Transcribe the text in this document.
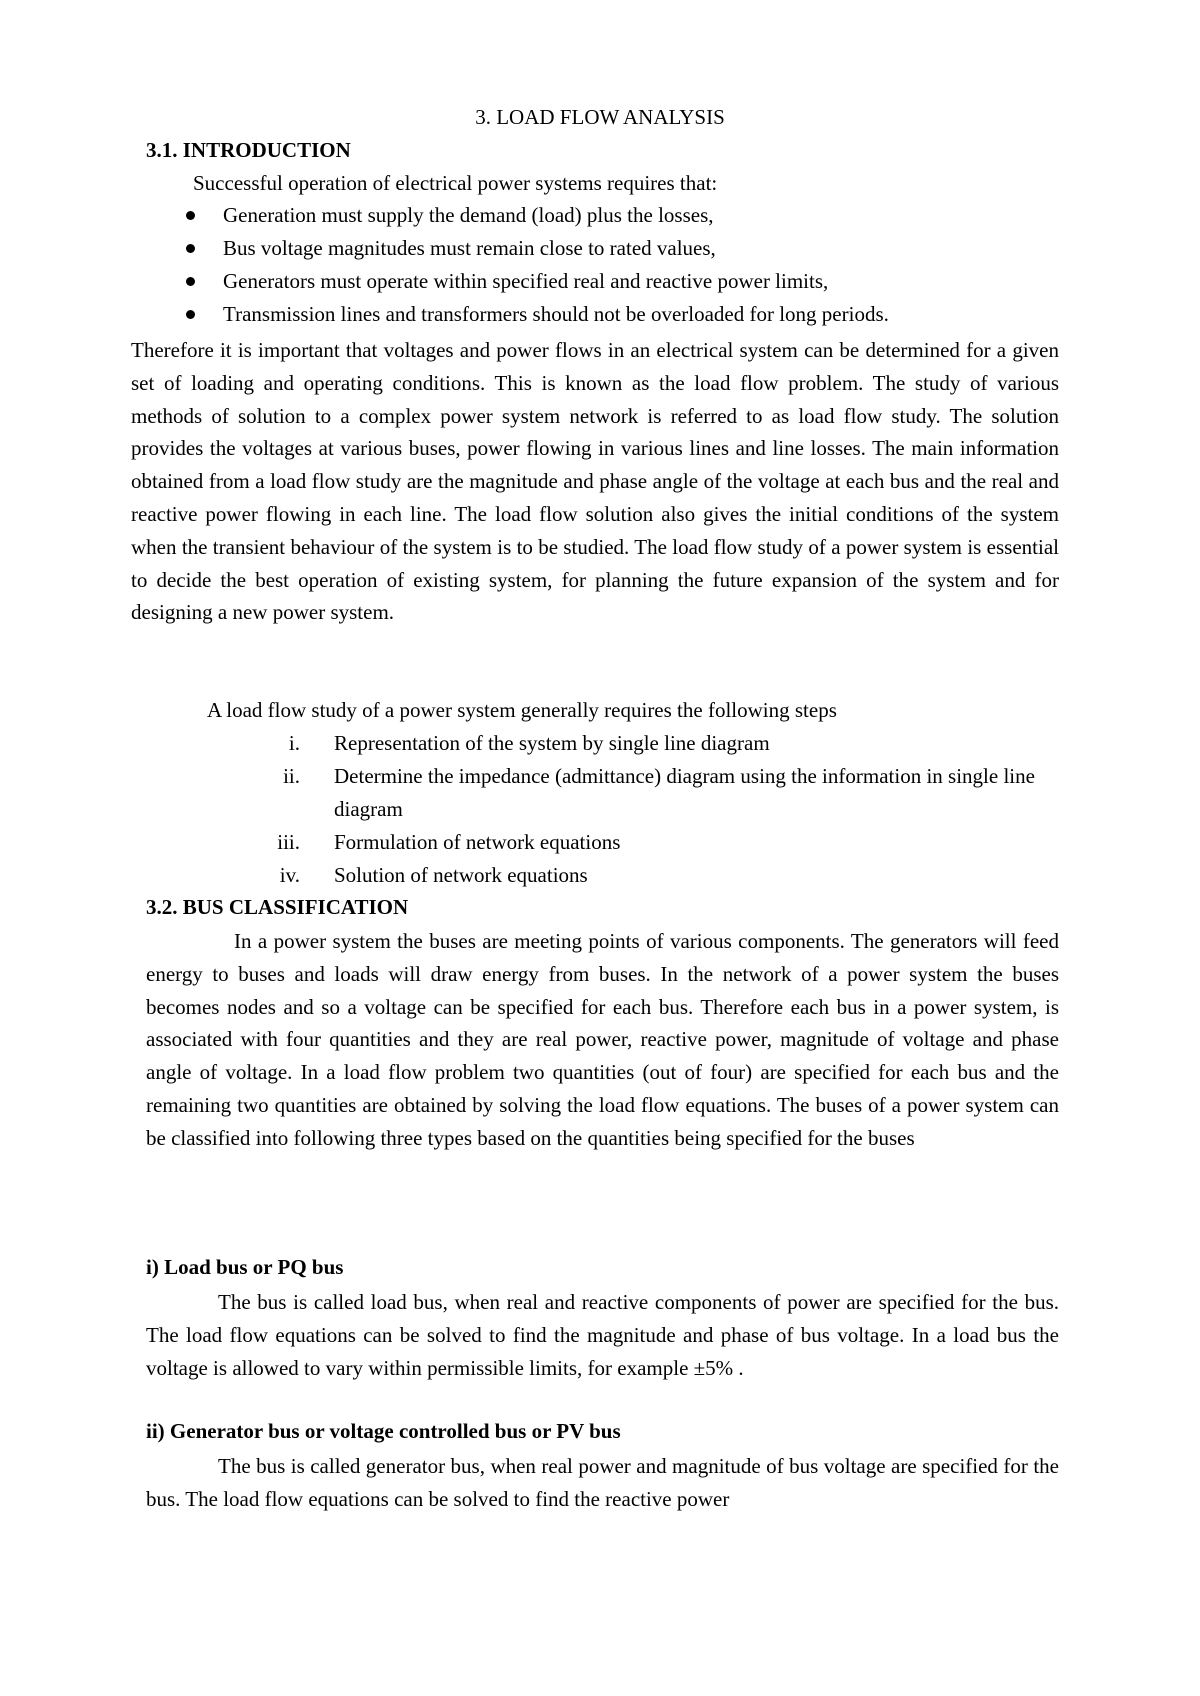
3. LOAD FLOW ANALYSIS

3.1. INTRODUCTION

Successful operation of electrical power systems requires that:

Generation must supply the demand (load) plus the losses,
Bus voltage magnitudes must remain close to rated values,
Generators must operate within specified real and reactive power limits,
Transmission lines and transformers should not be overloaded for long periods.

Therefore it is important that voltages and power flows in an electrical system can be determined for a given set of loading and operating conditions. This is known as the load flow problem. The study of various methods of solution to a complex power system network is referred to as load flow study. The solution provides the voltages at various buses, power flowing in various lines and line losses. The main information obtained from a load flow study are the magnitude and phase angle of the voltage at each bus and the real and reactive power flowing in each line. The load flow solution also gives the initial conditions of the system when the transient behaviour of the system is to be studied. The load flow study of a power system is essential to decide the best operation of existing system, for planning the future expansion of the system and for designing a new power system.

A load flow study of a power system generally requires the following steps

i. Representation of the system by single line diagram
ii. Determine the impedance (admittance) diagram using the information in single line diagram
iii. Formulation of network equations
iv. Solution of network equations

3.2. BUS CLASSIFICATION

In a power system the buses are meeting points of various components. The generators will feed energy to buses and loads will draw energy from buses. In the network of a power system the buses becomes nodes and so a voltage can be specified for each bus. Therefore each bus in a power system, is associated with four quantities and they are real power, reactive power, magnitude of voltage and phase angle of voltage. In a load flow problem two quantities (out of four) are specified for each bus and the remaining two quantities are obtained by solving the load flow equations. The buses of a power system can be classified into following three types based on the quantities being specified for the buses

i) Load bus or PQ bus

The bus is called load bus, when real and reactive components of power are specified for the bus. The load flow equations can be solved to find the magnitude and phase of bus voltage. In a load bus the voltage is allowed to vary within permissible limits, for example ±5% .

ii) Generator bus or voltage controlled bus or PV bus

The bus is called generator bus, when real power and magnitude of bus voltage are specified for the bus. The load flow equations can be solved to find the reactive power
